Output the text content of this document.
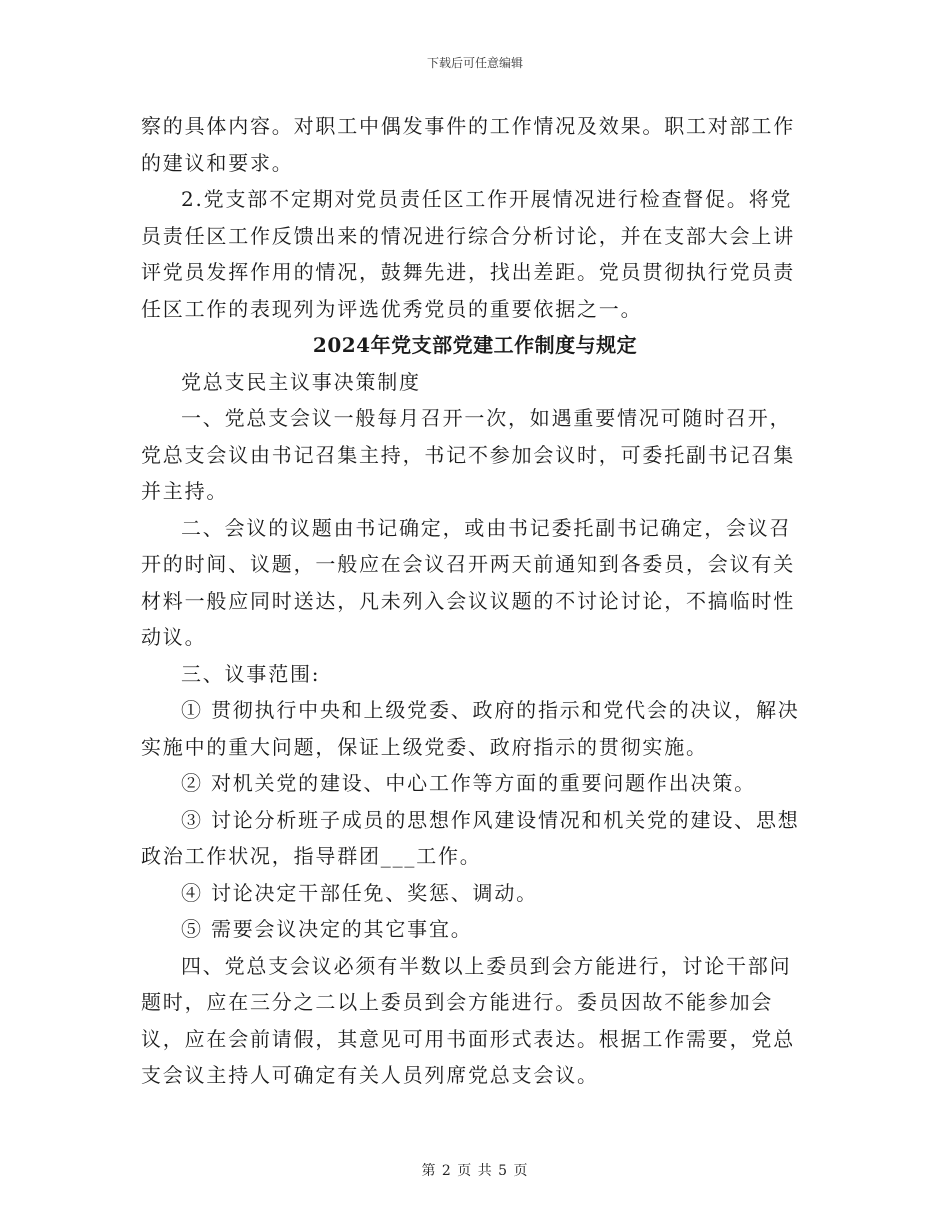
下载后可任意编辑

察的具体内容。对职工中偶发事件的工作情况及效果。职工对部工作的建议和要求。

2.党支部不定期对党员责任区工作开展情况进行检查督促。将党员责任区工作反馈出来的情况进行综合分析讨论，并在支部大会上讲评党员发挥作用的情况，鼓舞先进，找出差距。党员贯彻执行党员责任区工作的表现列为评选优秀党员的重要依据之一。

2024年党支部党建工作制度与规定

党总支民主议事决策制度

一、党总支会议一般每月召开一次，如遇重要情况可随时召开，党总支会议由书记召集主持，书记不参加会议时，可委托副书记召集并主持。

二、会议的议题由书记确定，或由书记委托副书记确定，会议召开的时间、议题，一般应在会议召开两天前通知到各委员，会议有关材料一般应同时送达，凡未列入会议议题的不讨论讨论，不搞临时性动议。

三、议事范围:

① 贯彻执行中央和上级党委、政府的指示和党代会的决议，解决实施中的重大问题，保证上级党委、政府指示的贯彻实施。

② 对机关党的建设、中心工作等方面的重要问题作出决策。

③ 讨论分析班子成员的思想作风建设情况和机关党的建设、思想政治工作状况，指导群团___工作。

④ 讨论决定干部任免、奖惩、调动。

⑤ 需要会议决定的其它事宜。

四、党总支会议必须有半数以上委员到会方能进行，讨论干部问题时，应在三分之二以上委员到会方能进行。委员因故不能参加会议，应在会前请假，其意见可用书面形式表达。根据工作需要，党总支会议主持人可确定有关人员列席党总支会议。

第 2 页 共 5 页
